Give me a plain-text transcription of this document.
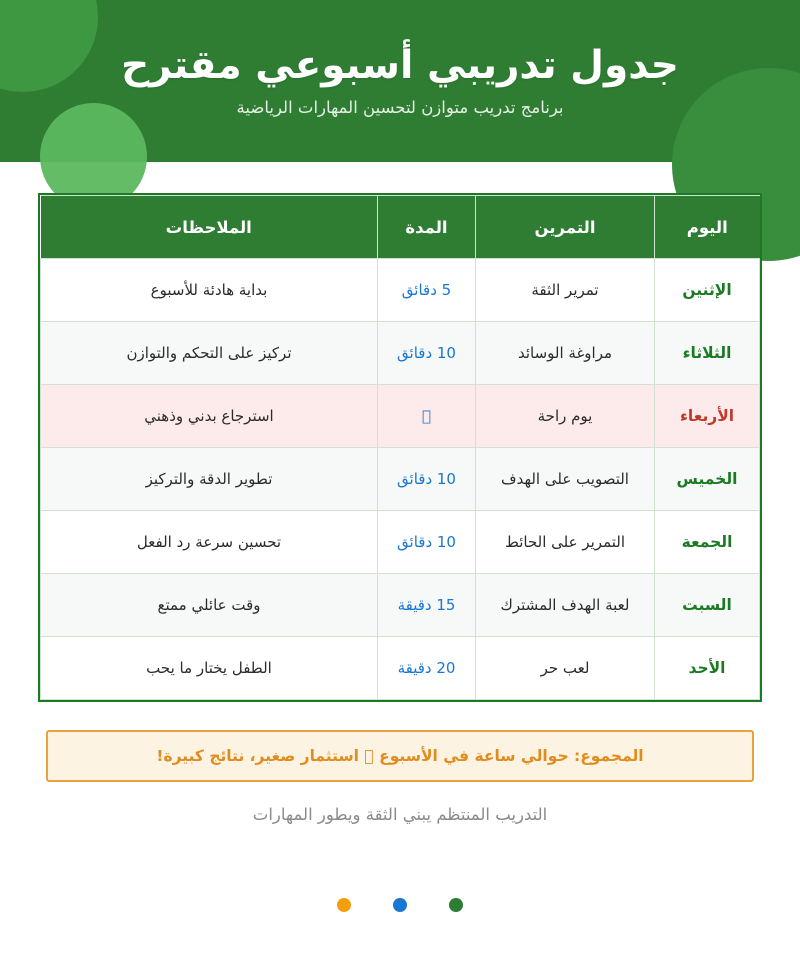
جدول تدريبي أسبوعي مقترح
برنامج تدريب متوازن لتحسين المهارات الرياضية
اليوم	التمرين	المدة	الملاحظات
الإثنين	تمرير الثقة	5 دقائق	بداية هادئة للأسبوع
الثلاثاء	مراوغة الوسائد	10 دقائق	تركيز على التحكم والتوازن
الأربعاء	يوم راحة	􀀀	استرجاع بدني وذهني
الخميس	التصويب على الهدف	10 دقائق	تطوير الدقة والتركيز
الجمعة	التمرير على الحائط	10 دقائق	تحسين سرعة رد الفعل
السبت	لعبة الهدف المشترك	15 دقيقة	وقت عائلي ممتع
الأحد	لعب حر	20 دقيقة	الطفل يختار ما يحب
المجموع: حوالي ساعة في الأسبوع 􀀀 استثمار صغير، نتائج كبيرة!
التدريب المنتظم يبني الثقة ويطور المهارات
